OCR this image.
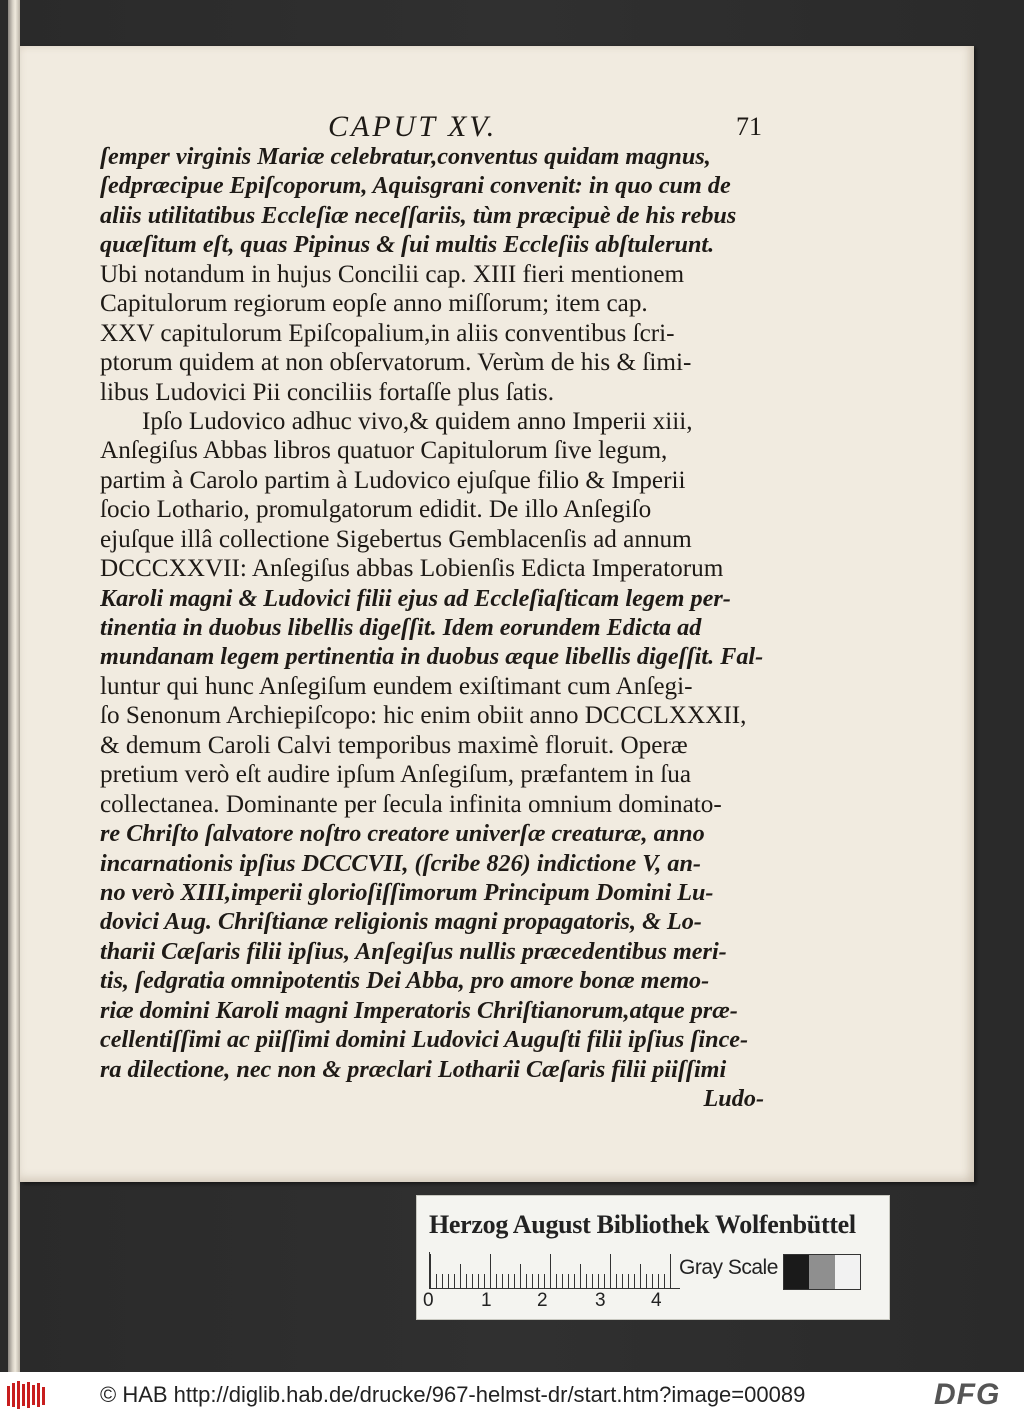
CAPUT XV.	71
ſemper virginis Mariæ celebratur,conventus quidam magnus,
ſedpræcipue Epiſcoporum, Aquisgrani convenit: in quo cum de
aliis utilitatibus Eccleſiæ neceſſariis, tùm præcipuè de his rebus
quæſitum eſt, quas Pipinus & ſui multis Eccleſiis abſtulerunt.
Ubi notandum in hujus Concilii cap. XIII fieri mentionem
Capitulorum regiorum eopſe anno miſſorum; item cap.
XXV capitulorum Epiſcopalium,in aliis conventibus ſcri-
ptorum quidem at non obſervatorum. Verùm de his & ſimi-
libus Ludovici Pii conciliis fortaſſe plus ſatis.
Ipſo Ludovico adhuc vivo,& quidem anno Imperii xiii,
Anſegiſus Abbas libros quatuor Capitulorum ſive legum,
partim à Carolo partim à Ludovico ejuſque filio & Imperii
ſocio Lothario, promulgatorum edidit. De illo Anſegiſo
ejuſque illâ collectione Sigebertus Gemblacenſis ad annum
DCCCXXVII: Anſegiſus abbas Lobienſis Edicta Imperatorum
Karoli magni & Ludovici filii ejus ad Eccleſiaſticam legem per-
tinentia in duobus libellis digeſſit. Idem eorundem Edicta ad
mundanam legem pertinentia in duobus æque libellis digeſſit. Fal-
luntur qui hunc Anſegiſum eundem exiſtimant cum Anſegi-
ſo Senonum Archiepiſcopo: hic enim obiit anno DCCCLXXXII,
& demum Caroli Calvi temporibus maximè floruit. Operæ
pretium verò eſt audire ipſum Anſegiſum, præfantem in ſua
collectanea. Dominante per ſecula infinita omnium dominato-
re Chriſto ſalvatore noſtro creatore univerſæ creaturæ, anno
incarnationis ipſius DCCCVII, (ſcribe 826) indictione V, an-
no verò XIII,imperii glorioſiſſimorum Principum Domini Lu-
dovici Aug. Chriſtianæ religionis magni propagatoris, & Lo-
tharii Cæſaris filii ipſius, Anſegiſus nullis præcedentibus meri-
tis, ſedgratia omnipotentis Dei Abba, pro amore bonæ memo-
riæ domini Karoli magni Imperatoris Chriſtianorum,atque præ-
cellentiſſimi ac piiſſimi domini Ludovici Auguſti filii ipſius ſince-
ra dilectione, nec non & præclari Lotharii Cæſaris filii piiſſimi
Ludo-
Herzog August Bibliothek Wolfenbüttel
0 1 2 3 4
Gray Scale
© HAB http://diglib.hab.de/drucke/967-helmst-dr/start.htm?image=00089	DFG
